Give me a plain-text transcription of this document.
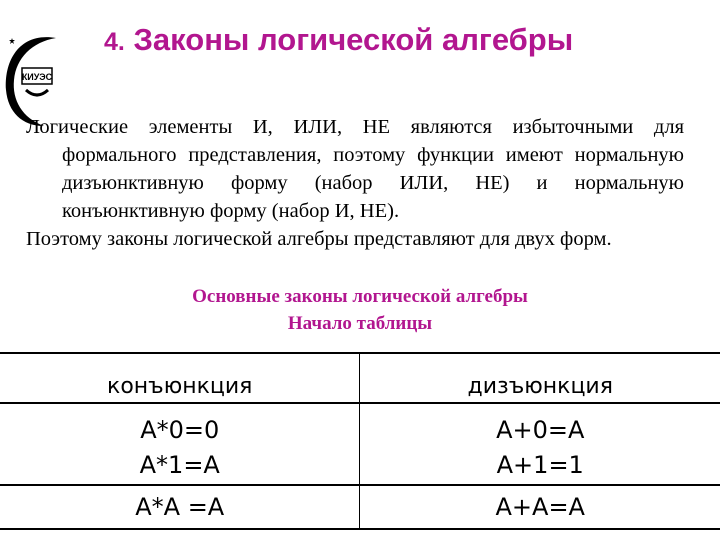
КИУЭС
4. Законы логической алгебры

Логические элементы И, ИЛИ, НЕ являются избыточными для формального представления, поэтому функции имеют нормальную дизъюнктивную форму (набор ИЛИ, НЕ) и нормальную конъюнктивную форму (набор И, НЕ).

Поэтому законы логической алгебры представляют для двух форм.

Основные законы логической алгебры

Начало таблицы

конъюнкция	дизъюнкция
A*0=0	A+0=A
A*1=A	A+1=1
A*A =A	A+A=A
